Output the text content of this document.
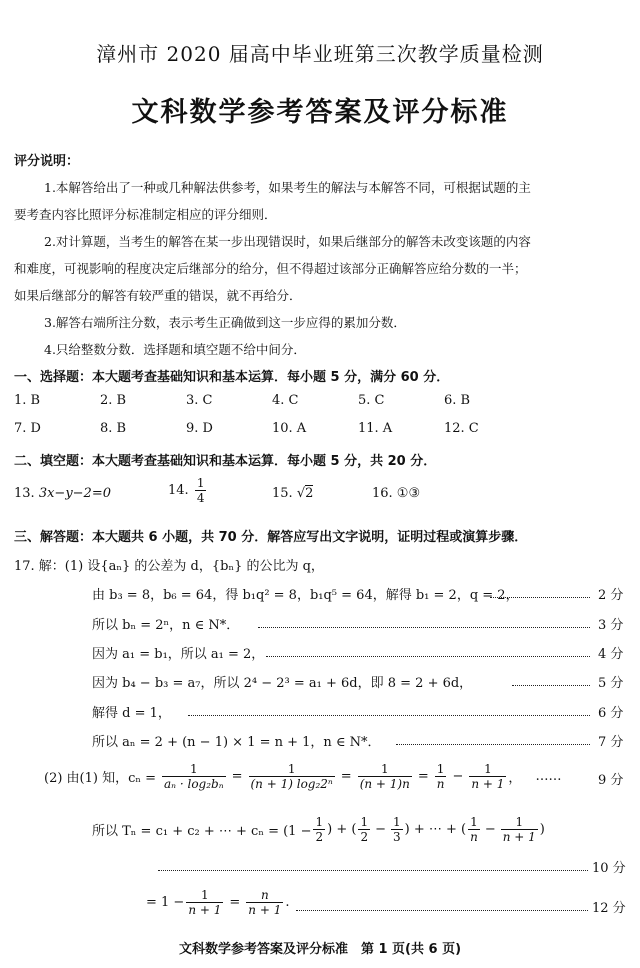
漳州市 2020 届高中毕业班第三次教学质量检测
文科数学参考答案及评分标准
评分说明：
1.本解答给出了一种或几种解法供参考，如果考生的解法与本解答不同，可根据试题的主
要考查内容比照评分标准制定相应的评分细则．
2.对计算题，当考生的解答在某一步出现错误时，如果后继部分的解答未改变该题的内容
和难度，可视影响的程度决定后继部分的给分，但不得超过该部分正确解答应给分数的一半；
如果后继部分的解答有较严重的错误，就不再给分．
3.解答右端所注分数，表示考生正确做到这一步应得的累加分数．
4.只给整数分数．选择题和填空题不给中间分．
一、选择题：本大题考查基础知识和基本运算．每小题 5 分，满分 60 分．
1. B	2. B	3. C	4. C	5. C	6. B
7. D	8. B	9. D	10. A	11. A	12. C
二、填空题：本大题考查基础知识和基本运算．每小题 5 分，共 20 分．
13. 3x−y−2=0	14. $\frac{1}{4}$	15. √2	16. ①③
三、解答题：本大题共 6 小题，共 70 分．解答应写出文字说明，证明过程或演算步骤．
17. 解：(1) 设{aₙ} 的公差为 d，{bₙ} 的公比为 q，
由 b₃ = 8，b₆ = 64，得 b₁q² = 8，b₁q⁵ = 64，解得 b₁ = 2，q = 2，	2 分
所以 bₙ = 2ⁿ，n ∈ N*．	3 分
因为 a₁ = b₁，所以 a₁ = 2，	4 分
因为 b₄ − b₃ = a₇，所以 2⁴ − 2³ = a₁ + 6d，即 8 = 2 + 6d，	5 分
解得 d = 1，	6 分
所以 aₙ = 2 + (n − 1) × 1 = n + 1，n ∈ N*．	7 分
(2) 由(1) 知，$c_n = \frac{1}{\text{aₙ · log₂bₙ}} = \frac{1}{\text{(n + 1) log₂2ⁿ}} = \frac{1}{(n + 1)n} = \frac{1}{n} - \frac{1}{n + 1}$ ， ……	9 分
所以 Tₙ = c₁ + c₂ + ⋯ + $c_n = (1 - \frac{1}{2}$ ) + ( $\frac{1}{2} - \frac{1}{3}$ ) + ⋯ + ( $\frac{1}{n} - \frac{1}{n + 1}$ )
10 分
= $1 - \frac{1}{n + 1} = \frac{n}{n + 1}$ .	12 分
文科数学参考答案及评分标准　第 1 页(共 6 页)
